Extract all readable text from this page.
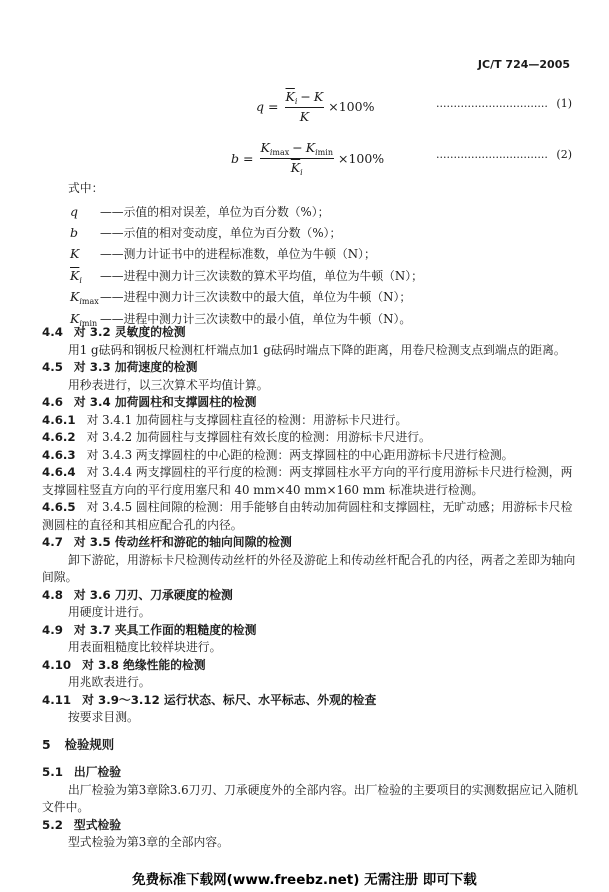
JC/T 724—2005
$q = \frac{\overline{K} i - K}{K} \times 100\%$	................................ (1)
$b = \frac{\text{K i max − K i min}}{\overline{K} i} \times 100\%$	................................ (2)
式中：
q ——示值的相对误差，单位为百分数（%）；
b ——示值的相对变动度，单位为百分数（%）；
K ——测力计证书中的进程标准数，单位为牛顿（N）；
$\overline{K}$ i ——进程中测力计三次读数的算术平均值，单位为牛顿（N）；
K i max ——进程中测力计三次读数中的最大值，单位为牛顿（N）；
K i min ——进程中测力计三次读数中的最小值，单位为牛顿（N）。
4.4 对 3.2 灵敏度的检测
用1 g砝码和钢板尺检测杠杆端点加1 g砝码时端点下降的距离，用卷尺检测支点到端点的距离。
4.5 对 3.3 加荷速度的检测
用秒表进行，以三次算术平均值计算。
4.6 对 3.4 加荷圆柱和支撑圆柱的检测
4.6.1 对 3.4.1 加荷圆柱与支撑圆柱直径的检测：用游标卡尺进行。
4.6.2 对 3.4.2 加荷圆柱与支撑圆柱有效长度的检测：用游标卡尺进行。
4.6.3 对 3.4.3 两支撑圆柱的中心距的检测：两支撑圆柱的中心距用游标卡尺进行检测。
4.6.4 对 3.4.4 两支撑圆柱的平行度的检测：两支撑圆柱水平方向的平行度用游标卡尺进行检测，两
支撑圆柱竖直方向的平行度用塞尺和 40 mm×40 mm×160 mm 标准块进行检测。
4.6.5 对 3.4.5 圆柱间隙的检测：用手能够自由转动加荷圆柱和支撑圆柱，无旷动感；用游标卡尺检
测圆柱的直径和其相应配合孔的内径。
4.7 对 3.5 传动丝杆和游砣的轴向间隙的检测
卸下游砣，用游标卡尺检测传动丝杆的外径及游砣上和传动丝杆配合孔的内径，两者之差即为轴向
间隙。
4.8 对 3.6 刀刃、刀承硬度的检测
用硬度计进行。
4.9 对 3.7 夹具工作面的粗糙度的检测
用表面粗糙度比较样块进行。
4.10 对 3.8 绝缘性能的检测
用兆欧表进行。
4.11 对 3.9～3.12 运行状态、标尺、水平标志、外观的检查
按要求目测。
5 检验规则
5.1 出厂检验
出厂检验为第3章除3.6刀刃、刀承硬度外的全部内容。出厂检验的主要项目的实测数据应记入随机
文件中。
5.2 型式检验
型式检验为第3章的全部内容。
免费标准下载网(www.freebz.net) 无需注册 即可下载
